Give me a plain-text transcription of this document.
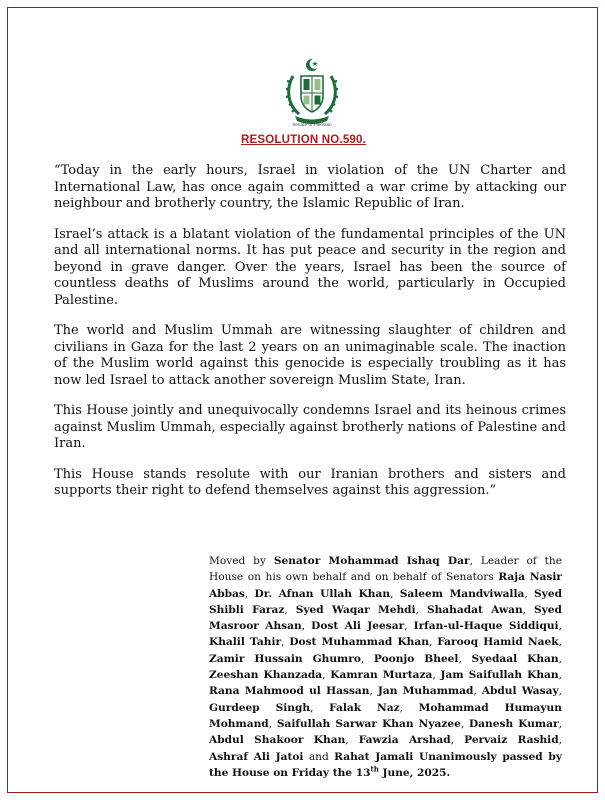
Senate of Pakistan
RESOLUTION NO.590.

“Today in the early hours, Israel in violation of the UN Charter and International Law, has once again committed a war crime by attacking our neighbour and brotherly country, the Islamic Republic of Iran.

Israel’s attack is a blatant violation of the fundamental principles of the UN and all international norms. It has put peace and security in the region and beyond in grave danger. Over the years, Israel has been the source of countless deaths of Muslims around the world, particularly in Occupied Palestine.

The world and Muslim Ummah are witnessing slaughter of children and civilians in Gaza for the last 2 years on an unimaginable scale. The inaction of the Muslim world against this genocide is especially troubling as it has now led Israel to attack another sovereign Muslim State, Iran.

This House jointly and unequivocally condemns Israel and its heinous crimes against Muslim Ummah, especially against brotherly nations of Palestine and Iran.

This House stands resolute with our Iranian brothers and sisters and supports their right to defend themselves against this aggression.”

Moved by Senator Mohammad Ishaq Dar, Leader of the House on his own behalf and on behalf of Senators Raja Nasir Abbas, Dr. Afnan Ullah Khan, Saleem Mandviwalla, Syed Shibli Faraz, Syed Waqar Mehdi, Shahadat Awan, Syed Masroor Ahsan, Dost Ali Jeesar, Irfan-ul-Haque Siddiqui, Khalil Tahir, Dost Muhammad Khan, Farooq Hamid Naek, Zamir Hussain Ghumro, Poonjo Bheel, Syedaal Khan, Zeeshan Khanzada, Kamran Murtaza, Jam Saifullah Khan, Rana Mahmood ul Hassan, Jan Muhammad, Abdul Wasay, Gurdeep Singh, Falak Naz, Mohammad Humayun Mohmand, Saifullah Sarwar Khan Nyazee, Danesh Kumar, Abdul Shakoor Khan, Fawzia Arshad, Pervaiz Rashid, Ashraf Ali Jatoi and Rahat Jamali Unanimously passed by the House on Friday the 13th June, 2025.
